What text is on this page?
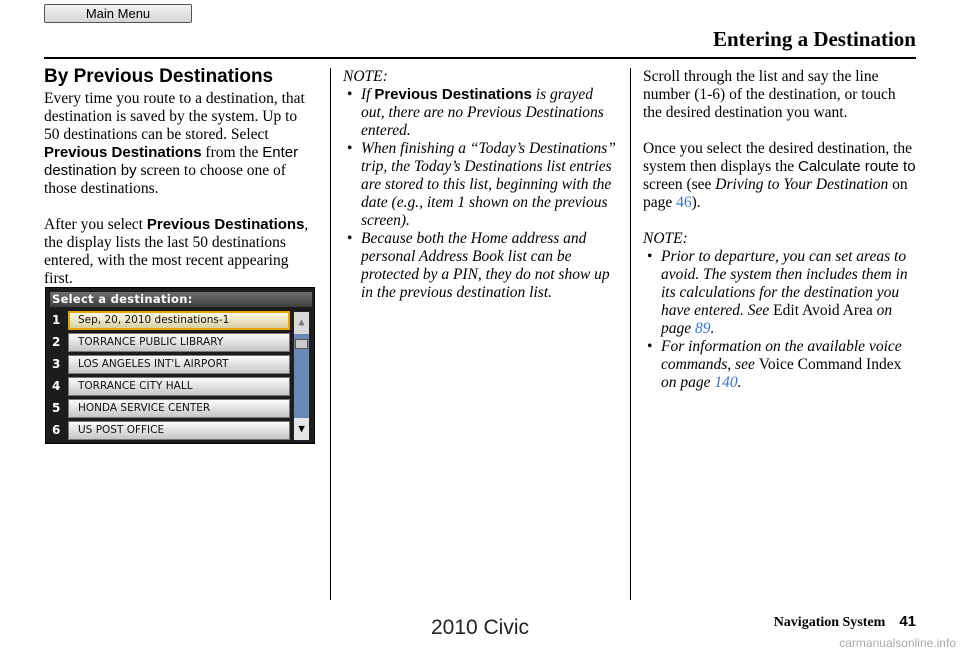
Main Menu
Entering a Destination
By Previous Destinations

Every time you route to a destination, that destination is saved by the system. Up to 50 destinations can be stored. Select Previous Destinations from the Enter destination by screen to choose one of those destinations.

After you select Previous Destinations, the display lists the last 50 destinations entered, with the most recent appearing first.

Select a destination:
1	Sep, 20, 2010 destinations-1
2	TORRANCE PUBLIC LIBRARY
3	LOS ANGELES INT'L AIRPORT
4	TORRANCE CITY HALL
5	HONDA SERVICE CENTER
6	US POST OFFICE
▲
▼

NOTE:

• If Previous Destinations is grayed out, there are no Previous Destinations entered.
• When finishing a “Today’s Destinations” trip, the Today’s Destinations list entries are stored to this list, beginning with the date (e.g., item 1 shown on the previous screen).
• Because both the Home address and personal Address Book list can be protected by a PIN, they do not show up in the previous destination list.

Scroll through the list and say the line number (1-6) of the destination, or touch the desired destination you want.

Once you select the desired destination, the system then displays the Calculate route to screen (see Driving to Your Destination on page 46).

NOTE:

• Prior to departure, you can set areas to avoid. The system then includes them in its calculations for the destination you have entered. See Edit Avoid Area on page 89.
• For information on the available voice commands, see Voice Command Index on page 140.
Navigation System 41
2010 Civic
carmanualsonline.info
